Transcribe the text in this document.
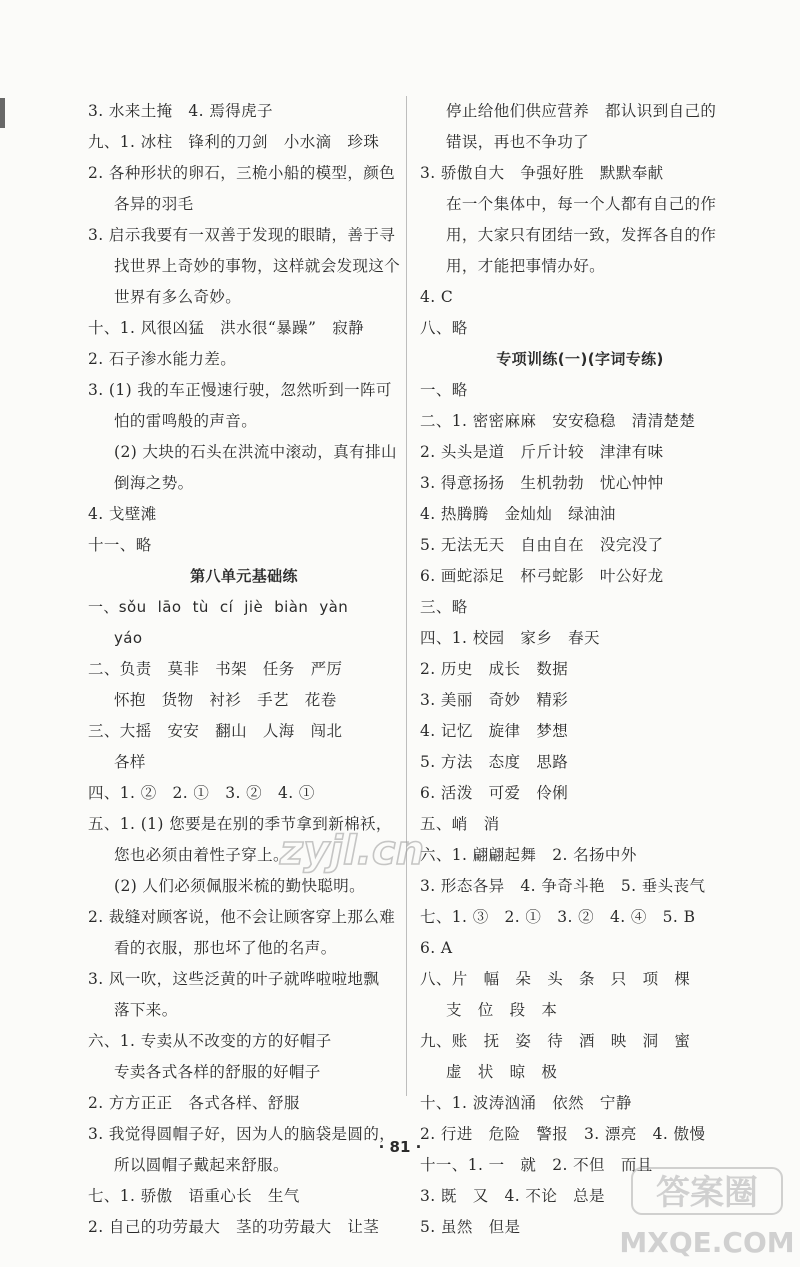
3. 水来土掩　4. 焉得虎子
九、1. 冰柱　锋利的刀剑　小水滴　珍珠
2. 各种形状的卵石，三桅小船的模型，颜色
各异的羽毛
3. 启示我要有一双善于发现的眼睛，善于寻
找世界上奇妙的事物，这样就会发现这个
世界有多么奇妙。
十、1. 风很凶猛　洪水很“暴躁”　寂静
2. 石子渗水能力差。
3. (1) 我的车正慢速行驶，忽然听到一阵可
怕的雷鸣般的声音。
(2) 大块的石头在洪流中滚动，真有排山
倒海之势。
4. 戈壁滩
十一、略
第八单元基础练
一、sǒu lāo tù cí jiè biàn yàn
yáo
二、负责　莫非　书架　任务　严厉
怀抱　货物　衬衫　手艺　花卷
三、大摇　安安　翻山　人海　闯北
各样
四、1. ②　2. ①　3. ②　4. ①
五、1. (1) 您要是在别的季节拿到新棉袄，
您也必须由着性子穿上。
(2) 人们必须佩服米梳的勤快聪明。
2. 裁缝对顾客说，他不会让顾客穿上那么难
看的衣服，那也坏了他的名声。
3. 风一吹，这些泛黄的叶子就哗啦啦地飘
落下来。
六、1. 专卖从不改变的方的好帽子
专卖各式各样的舒服的好帽子
2. 方方正正　各式各样、舒服
3. 我觉得圆帽子好，因为人的脑袋是圆的，
所以圆帽子戴起来舒服。
七、1. 骄傲　语重心长　生气
2. 自己的功劳最大　茎的功劳最大　让茎
停止给他们供应营养　都认识到自己的
错误，再也不争功了
3. 骄傲自大　争强好胜　默默奉献
在一个集体中，每一个人都有自己的作
用，大家只有团结一致，发挥各自的作
用，才能把事情办好。
4. C
八、略
专项训练(一)(字词专练)
一、略
二、1. 密密麻麻　安安稳稳　清清楚楚
2. 头头是道　斤斤计较　津津有味
3. 得意扬扬　生机勃勃　忧心忡忡
4. 热腾腾　金灿灿　绿油油
5. 无法无天　自由自在　没完没了
6. 画蛇添足　杯弓蛇影　叶公好龙
三、略
四、1. 校园　家乡　春天
2. 历史　成长　数据
3. 美丽　奇妙　精彩
4. 记忆　旋律　梦想
5. 方法　态度　思路
6. 活泼　可爱　伶俐
五、峭　消
六、1. 翩翩起舞　2. 名扬中外
3. 形态各异　4. 争奇斗艳　5. 垂头丧气
七、1. ③　2. ①　3. ②　4. ④　5. B
6. A
八、片　幅　朵　头　条　只　项　棵
支　位　段　本
九、账　抚　姿　待　酒　映　洞　蜜
虚　状　晾　极
十、1. 波涛汹涌　依然　宁静
2. 行进　危险　警报　3. 漂亮　4. 傲慢
十一、1. 一　就　2. 不但　而且
3. 既　又　4. 不论　总是
5. 虽然　但是
· 81 ·
zyjl.cn
答案圈
MXQE.COM
